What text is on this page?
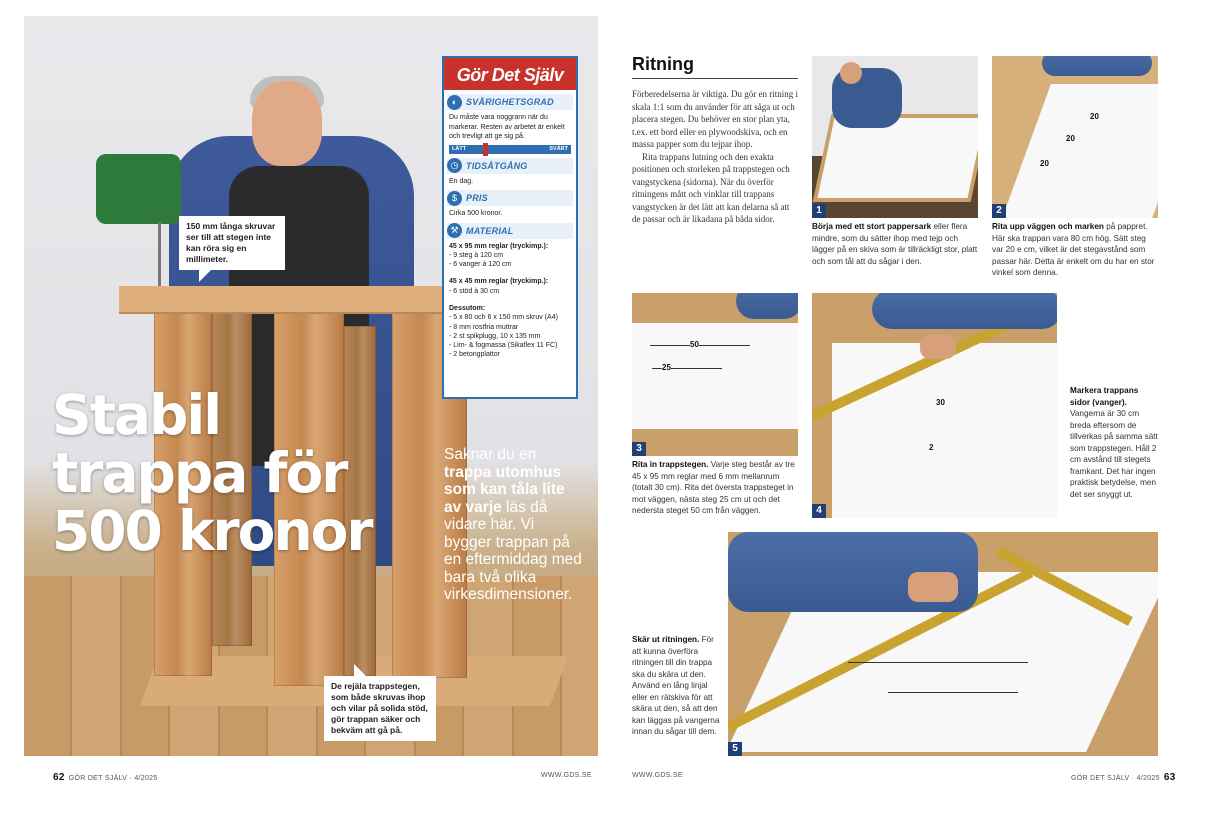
150 mm långa skruvar ser till att stegen inte kan röra sig en millimeter.
De rejäla trappstegen, som både skruvas ihop och vilar på solida stöd, gör trappan säker och bekväm att gå på.
Stabil trappa för 500 kronor
Saknar du en trappa utomhus som kan tåla lite av varje läs då vidare här. Vi bygger trappan på en eftermiddag med bara två olika virkesdimensioner.
Gör Det Själv
◐ SVÅRIGHETSGRAD
Du måste vara noggrann när du markerar. Resten av arbetet är enkelt och trevligt att ge sig på.
LÄTT	SVÅRT
◷ TIDSÅTGÅNG
En dag.
$	PRIS
Cirka 500 kronor.
⚒ MATERIAL
45 x 95 mm reglar (tryckimp.):
- 9 steg à 120 cm
- 6 vanger à 120 cm
45 x 45 mm reglar (tryckimp.):
- 6 stöd à 30 cm
Dessutom:
- 5 x 80 och 6 x 150 mm skruv (A4)
- 8 mm rostfria muttrar
- 2 st spikplugg, 10 x 135 mm
- Lim- & fogmassa (Sikaflex 11 FC)
- 2 betongplattor
62 GÖR DET SJÄLV · 4/2025	WWW.GDS.SE
Ritning

Förberedelserna är viktiga. Du gör en ritning i skala 1:1 som du använder för att såga ut och placera stegen. Du behöver en stor plan yta, t.ex. ett bord eller en plywoodskiva, och en massa papper som du tejpar ihop.

Rita trappans lutning och den exakta positionen och storleken på trappstegen och vangstyckena (sidorna). När du överför ritningens mått och vinklar till trappans vangstycken är det lätt att kan delarna så att de passar och är likadana på båda sidor.

1
Börja med ett stort pappersark eller flera mindre, som du sätter ihop med tejp och lägger på en skiva som är tillräckligt stor, platt och som tål att du sågar i den.
20
20
20
2
Rita upp väggen och marken på pappret. Här ska trappan vara 80 cm hög. Sätt steg var 20 e cm, vilket är det stegavstånd som passar här. Detta är enkelt om du har en stor vinkel som denna.
50
25
3
Rita in trappstegen. Varje steg består av tre 45 x 95 mm reglar med 6 mm mellanrum (totalt 30 cm). Rita det översta trappsteget in mot väggen, nästa steg 25 cm ut och det nedersta steget 50 cm från väggen.
30
2
4
Markera trappans sidor (vanger). Vangerna är 30 cm breda eftersom de tillverkas på samma sätt som trappstegen. Håll 2 cm avstånd till stegets framkant. Det har ingen praktisk betydelse, men det ser snyggt ut.
5
Skär ut ritningen. För att kunna överföra ritningen till din trappa ska du skära ut den. Använd en lång linjal eller en rätskiva för att skära ut den, så att den kan läggas på vangerna innan du sågar till dem.
WWW.GDS.SE	GÖR DET SJÄLV · 4/2025 63
